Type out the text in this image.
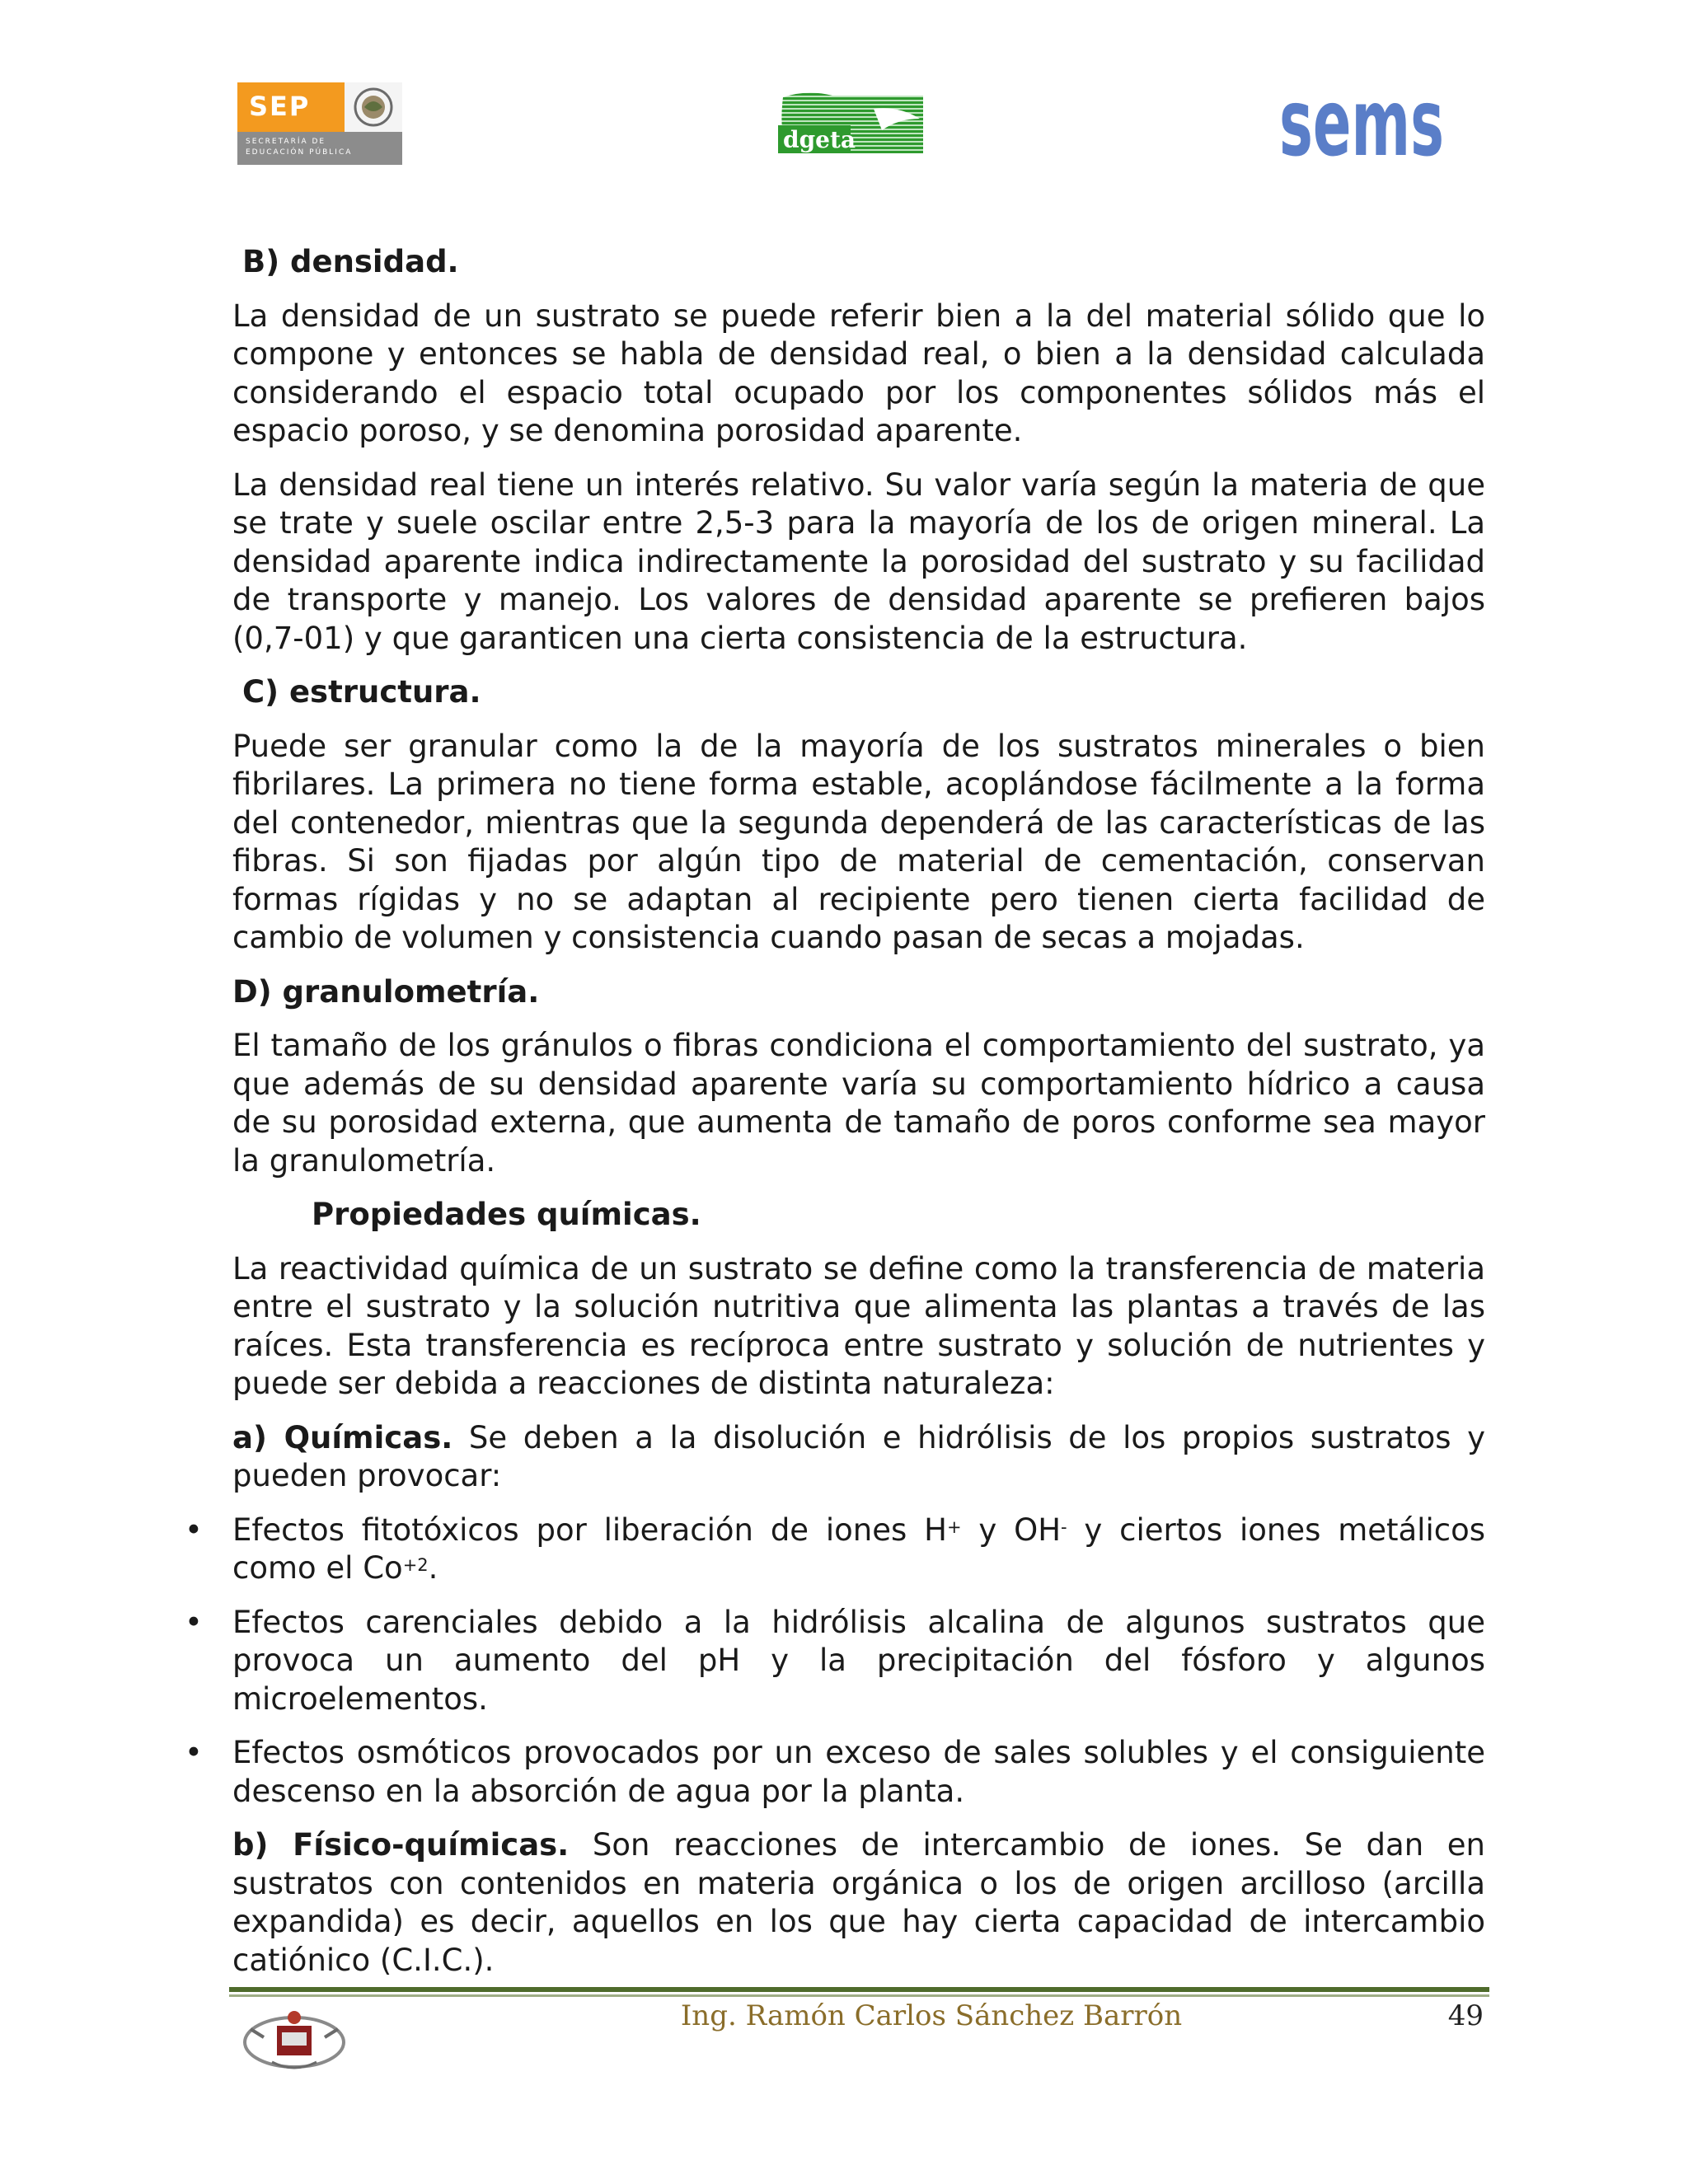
SEP
SECRETARÍA DE
EDUCACIÓN PÚBLICA	dgeta	sems
B) densidad.

La densidad de un sustrato se puede referir bien a la del material sólido que lo compone y entonces se habla de densidad real, o bien a la densidad calculada considerando el espacio total ocupado por los componentes sólidos más el espacio poroso, y se denomina porosidad aparente.

La densidad real tiene un interés relativo. Su valor varía según la materia de que se trate y suele oscilar entre 2,5-3 para la mayoría de los de origen mineral. La densidad aparente indica indirectamente la porosidad del sustrato y su facilidad de transporte y manejo. Los valores de densidad aparente se prefieren bajos (0,7-01) y que garanticen una cierta consistencia de la estructura.

C) estructura.

Puede ser granular como la de la mayoría de los sustratos minerales o bien fibrilares. La primera no tiene forma estable, acoplándose fácilmente a la forma del contenedor, mientras que la segunda dependerá de las características de las fibras. Si son fijadas por algún tipo de material de cementación, conservan formas rígidas y no se adaptan al recipiente pero tienen cierta facilidad de cambio de volumen y consistencia cuando pasan de secas a mojadas.

D) granulometría.

El tamaño de los gránulos o fibras condiciona el comportamiento del sustrato, ya que además de su densidad aparente varía su comportamiento hídrico a causa de su porosidad externa, que aumenta de tamaño de poros conforme sea mayor la granulometría.

Propiedades químicas.

La reactividad química de un sustrato se define como la transferencia de materia entre el sustrato y la solución nutritiva que alimenta las plantas a través de las raíces. Esta transferencia es recíproca entre sustrato y solución de nutrientes y puede ser debida a reacciones de distinta naturaleza:

a) Químicas. Se deben a la disolución e hidrólisis de los propios sustratos y pueden provocar:

• Efectos fitotóxicos por liberación de iones H+ y OH- y ciertos iones metálicos como el $Co^{+2}$.

• Efectos carenciales debido a la hidrólisis alcalina de algunos sustratos que provoca un aumento del pH y la precipitación del fósforo y algunos microelementos.

• Efectos osmóticos provocados por un exceso de sales solubles y el consiguiente descenso en la absorción de agua por la planta.

b) Físico-químicas. Son reacciones de intercambio de iones. Se dan en sustratos con contenidos en materia orgánica o los de origen arcilloso (arcilla expandida) es decir, aquellos en los que hay cierta capacidad de intercambio catiónico (C.I.C.).

Ing. Ramón Carlos Sánchez Barrón	49
